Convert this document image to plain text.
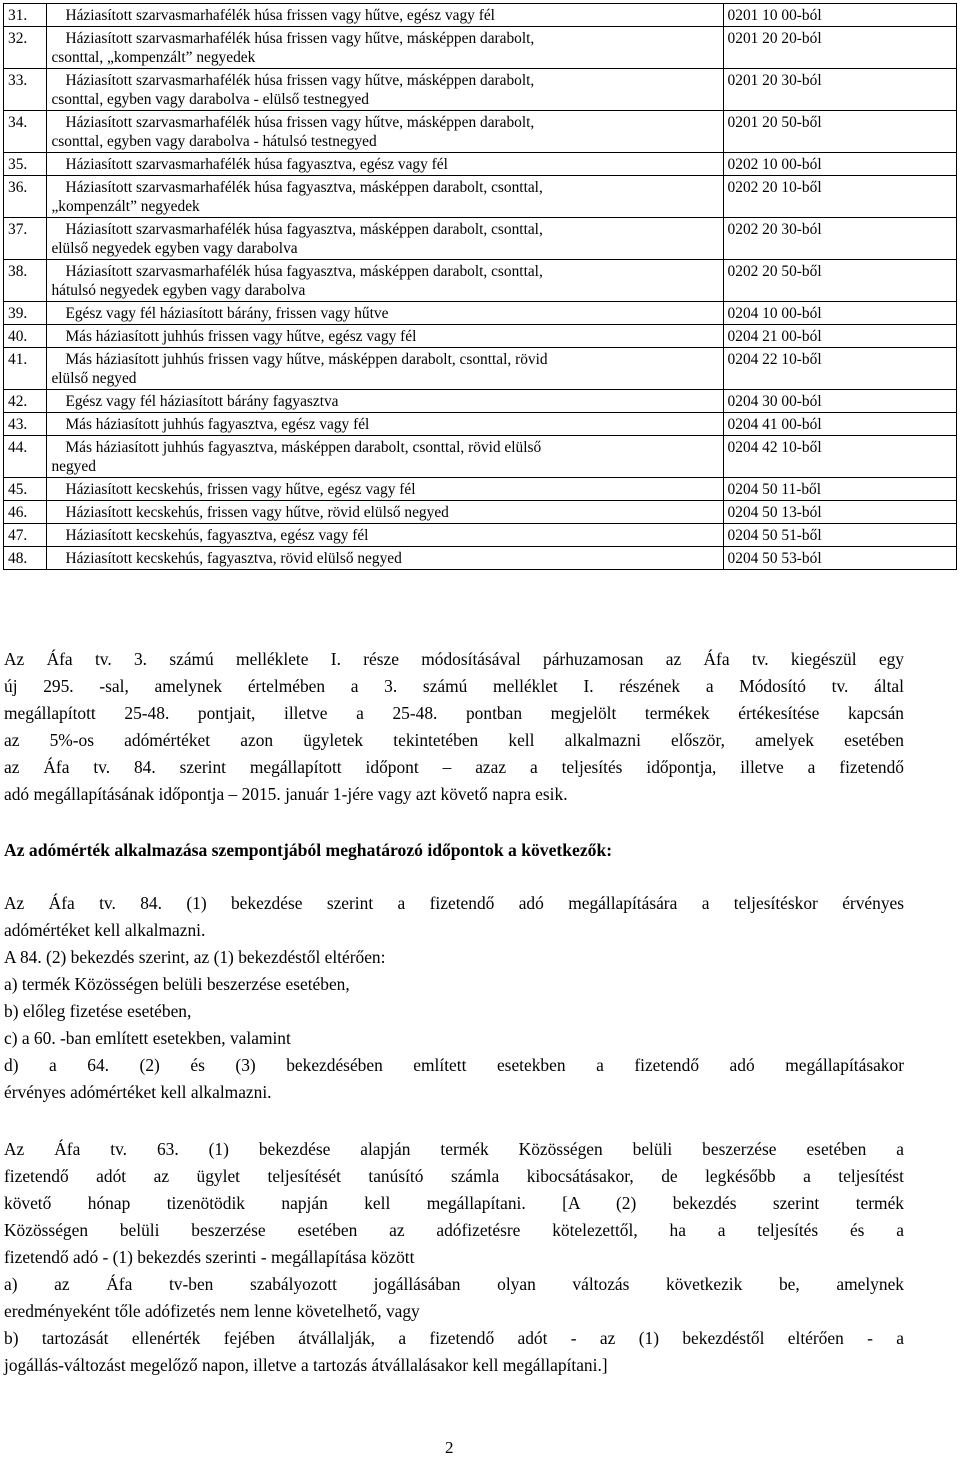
31.	Háziasított szarvasmarhafélék húsa frissen vagy hűtve, egész vagy fél	0201 10 00-ból
32.	Háziasított szarvasmarhafélék húsa frissen vagy hűtve, másképpen darabolt,
csonttal, „kompenzált” negyedek	0201 20 20-ból
33.	Háziasított szarvasmarhafélék húsa frissen vagy hűtve, másképpen darabolt,
csonttal, egyben vagy darabolva - elülső testnegyed	0201 20 30-ból
34.	Háziasított szarvasmarhafélék húsa frissen vagy hűtve, másképpen darabolt,
csonttal, egyben vagy darabolva - hátulsó testnegyed	0201 20 50-ből
35.	Háziasított szarvasmarhafélék húsa fagyasztva, egész vagy fél	0202 10 00-ból
36.	Háziasított szarvasmarhafélék húsa fagyasztva, másképpen darabolt, csonttal,
„kompenzált” negyedek	0202 20 10-ből
37.	Háziasított szarvasmarhafélék húsa fagyasztva, másképpen darabolt, csonttal,
elülső negyedek egyben vagy darabolva	0202 20 30-ból
38.	Háziasított szarvasmarhafélék húsa fagyasztva, másképpen darabolt, csonttal,
hátulsó negyedek egyben vagy darabolva	0202 20 50-ből
39.	Egész vagy fél háziasított bárány, frissen vagy hűtve	0204 10 00-ból
40.	Más háziasított juhhús frissen vagy hűtve, egész vagy fél	0204 21 00-ból
41.	Más háziasított juhhús frissen vagy hűtve, másképpen darabolt, csonttal, rövid
elülső negyed	0204 22 10-ből
42.	Egész vagy fél háziasított bárány fagyasztva	0204 30 00-ból
43.	Más háziasított juhhús fagyasztva, egész vagy fél	0204 41 00-ból
44.	Más háziasított juhhús fagyasztva, másképpen darabolt, csonttal, rövid elülső
negyed	0204 42 10-ből
45.	Háziasított kecskehús, frissen vagy hűtve, egész vagy fél	0204 50 11-ből
46.	Háziasított kecskehús, frissen vagy hűtve, rövid elülső negyed	0204 50 13-ból
47.	Háziasított kecskehús, fagyasztva, egész vagy fél	0204 50 51-ből
48.	Háziasított kecskehús, fagyasztva, rövid elülső negyed	0204 50 53-ból
Az Áfa tv. 3. számú melléklete I. része módosításával párhuzamosan az Áfa tv. kiegészül egy
új 295. -sal, amelynek értelmében a 3. számú melléklet I. részének a Módosító tv. által
megállapított 25-48. pontjait, illetve a 25-48. pontban megjelölt termékek értékesítése kapcsán
az 5%-os adómértéket azon ügyletek tekintetében kell alkalmazni először, amelyek esetében
az Áfa tv. 84. szerint megállapított időpont – azaz a teljesítés időpontja, illetve a fizetendő
adó megállapításának időpontja – 2015. január 1-jére vagy azt követő napra esik.
Az adómérték alkalmazása szempontjából meghatározó időpontok a következők:
Az Áfa tv. 84. (1) bekezdése szerint a fizetendő adó megállapítására a teljesítéskor érvényes
adómértéket kell alkalmazni.
A 84. (2) bekezdés szerint, az (1) bekezdéstől eltérően:
a) termék Közösségen belüli beszerzése esetében,
b) előleg fizetése esetében,
c) a 60. -ban említett esetekben, valamint
d) a 64. (2) és (3) bekezdésében említett esetekben a fizetendő adó megállapításakor
érvényes adómértéket kell alkalmazni.
Az Áfa tv. 63. (1) bekezdése alapján termék Közösségen belüli beszerzése esetében a
fizetendő adót az ügylet teljesítését tanúsító számla kibocsátásakor, de legkésőbb a teljesítést
követő hónap tizenötödik napján kell megállapítani. [A (2) bekezdés szerint termék
Közösségen belüli beszerzése esetében az adófizetésre kötelezettől, ha a teljesítés és a
fizetendő adó - (1) bekezdés szerinti - megállapítása között
a) az Áfa tv-ben szabályozott jogállásában olyan változás következik be, amelynek
eredményeként tőle adófizetés nem lenne követelhető, vagy
b) tartozását ellenérték fejében átvállalják, a fizetendő adót - az (1) bekezdéstől eltérően - a
jogállás-változást megelőző napon, illetve a tartozás átvállalásakor kell megállapítani.]
2
